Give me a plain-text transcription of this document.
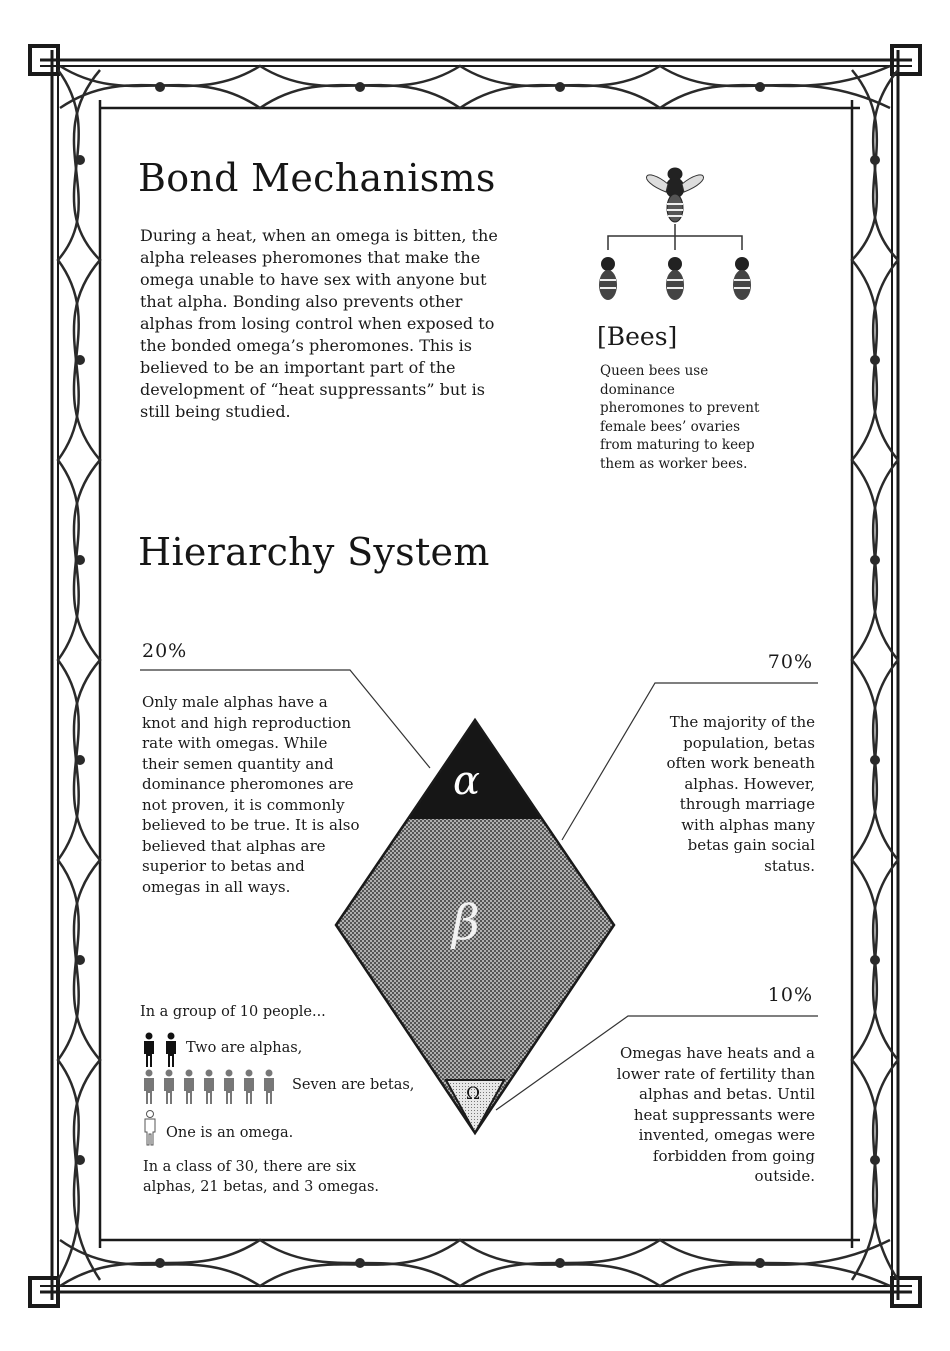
Bond Mechanisms
During a heat, when an omega is bitten, the alpha releases pheromones that make the omega unable to have sex with anyone but that alpha. Bonding also prevents other alphas from losing control when exposed to the bonded omega’s pheromones. This is believed to be an important part of the development of “heat suppressants” but is still being studied.
[Bees]
Queen bees use dominance pheromones to prevent female bees’ ovaries from maturing to keep them as worker bees.
Hierarchy System
20%
Only male alphas have a knot and high reproduction rate with omegas. While their semen quantity and dominance pheromones are not proven, it is commonly believed to be true. It is also believed that alphas are superior to betas and omegas in all ways.
70%
The majority of the population, betas often work beneath alphas. However, through marriage with alphas many betas gain social status.
10%
Omegas have heats and a lower rate of fertility than alphas and betas. Until heat suppressants were invented, omegas were forbidden from going outside.
α
β
Ω
In a group of 10 people...
Two are alphas,
Seven are betas,
One is an omega.
In a class of 30, there are six alphas, 21 betas, and 3 omegas.
